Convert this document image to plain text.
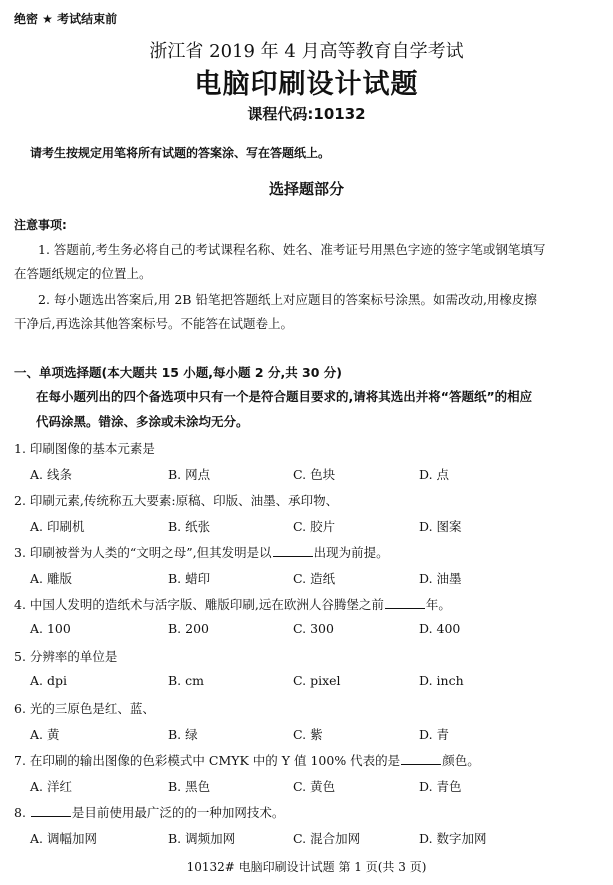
绝密 ★ 考试结束前
浙江省 2019 年 4 月高等教育自学考试
电脑印刷设计试题
课程代码:10132
请考生按规定用笔将所有试题的答案涂、写在答题纸上。
选择题部分
注意事项:
1. 答题前,考生务必将自己的考试课程名称、姓名、准考证号用黑色字迹的签字笔或钢笔填写
在答题纸规定的位置上。
2. 每小题选出答案后,用 2B 铅笔把答题纸上对应题目的答案标号涂黑。如需改动,用橡皮擦
干净后,再选涂其他答案标号。不能答在试题卷上。
一、单项选择题(本大题共 15 小题,每小题 2 分,共 30 分)
在每小题列出的四个备选项中只有一个是符合题目要求的,请将其选出并将“答题纸”的相应
代码涂黑。错涂、多涂或未涂均无分。
1. 印刷图像的基本元素是
A. 线条	B. 网点	C. 色块	D. 点
2. 印刷元素,传统称五大要素:原稿、印版、油墨、承印物、
A. 印刷机	B. 纸张	C. 胶片	D. 图案
3. 印刷被誉为人类的“文明之母”,但其发明是以	出现为前提。
A. 雕版	B. 蜡印	C. 造纸	D. 油墨
4. 中国人发明的造纸术与活字版、雕版印刷,远在欧洲人谷腾堡之前	年。
A. 100	B. 200	C. 300	D. 400
5. 分辨率的单位是
A. dpi	B. cm	C. pixel	D. inch
6. 光的三原色是红、蓝、
A. 黄	B. 绿	C. 紫	D. 青
7. 在印刷的输出图像的色彩模式中 CMYK 中的 Y 值 100% 代表的是	颜色。
A. 洋红	B. 黑色	C. 黄色	D. 青色
8.	是目前使用最广泛的的一种加网技术。
A. 调幅加网	B. 调频加网	C. 混合加网	D. 数字加网
10132# 电脑印刷设计试题 第 1 页(共 3 页)
